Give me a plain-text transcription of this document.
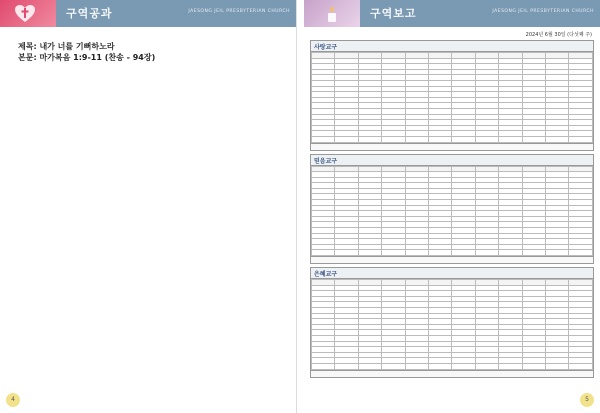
구역공과	JAESONG JEIL PRESBYTERIAN CHURCH
제목: 내가 너를 기뻐하노라
본문: 마가복음 1:9-11 (찬송 - 94장)
4
구역보고	JAESONG JEIL PRESBYTERIAN CHURCH
2024년 6월 30일 (다섯째 주)
사랑교구

믿음교구

은혜교구

5
